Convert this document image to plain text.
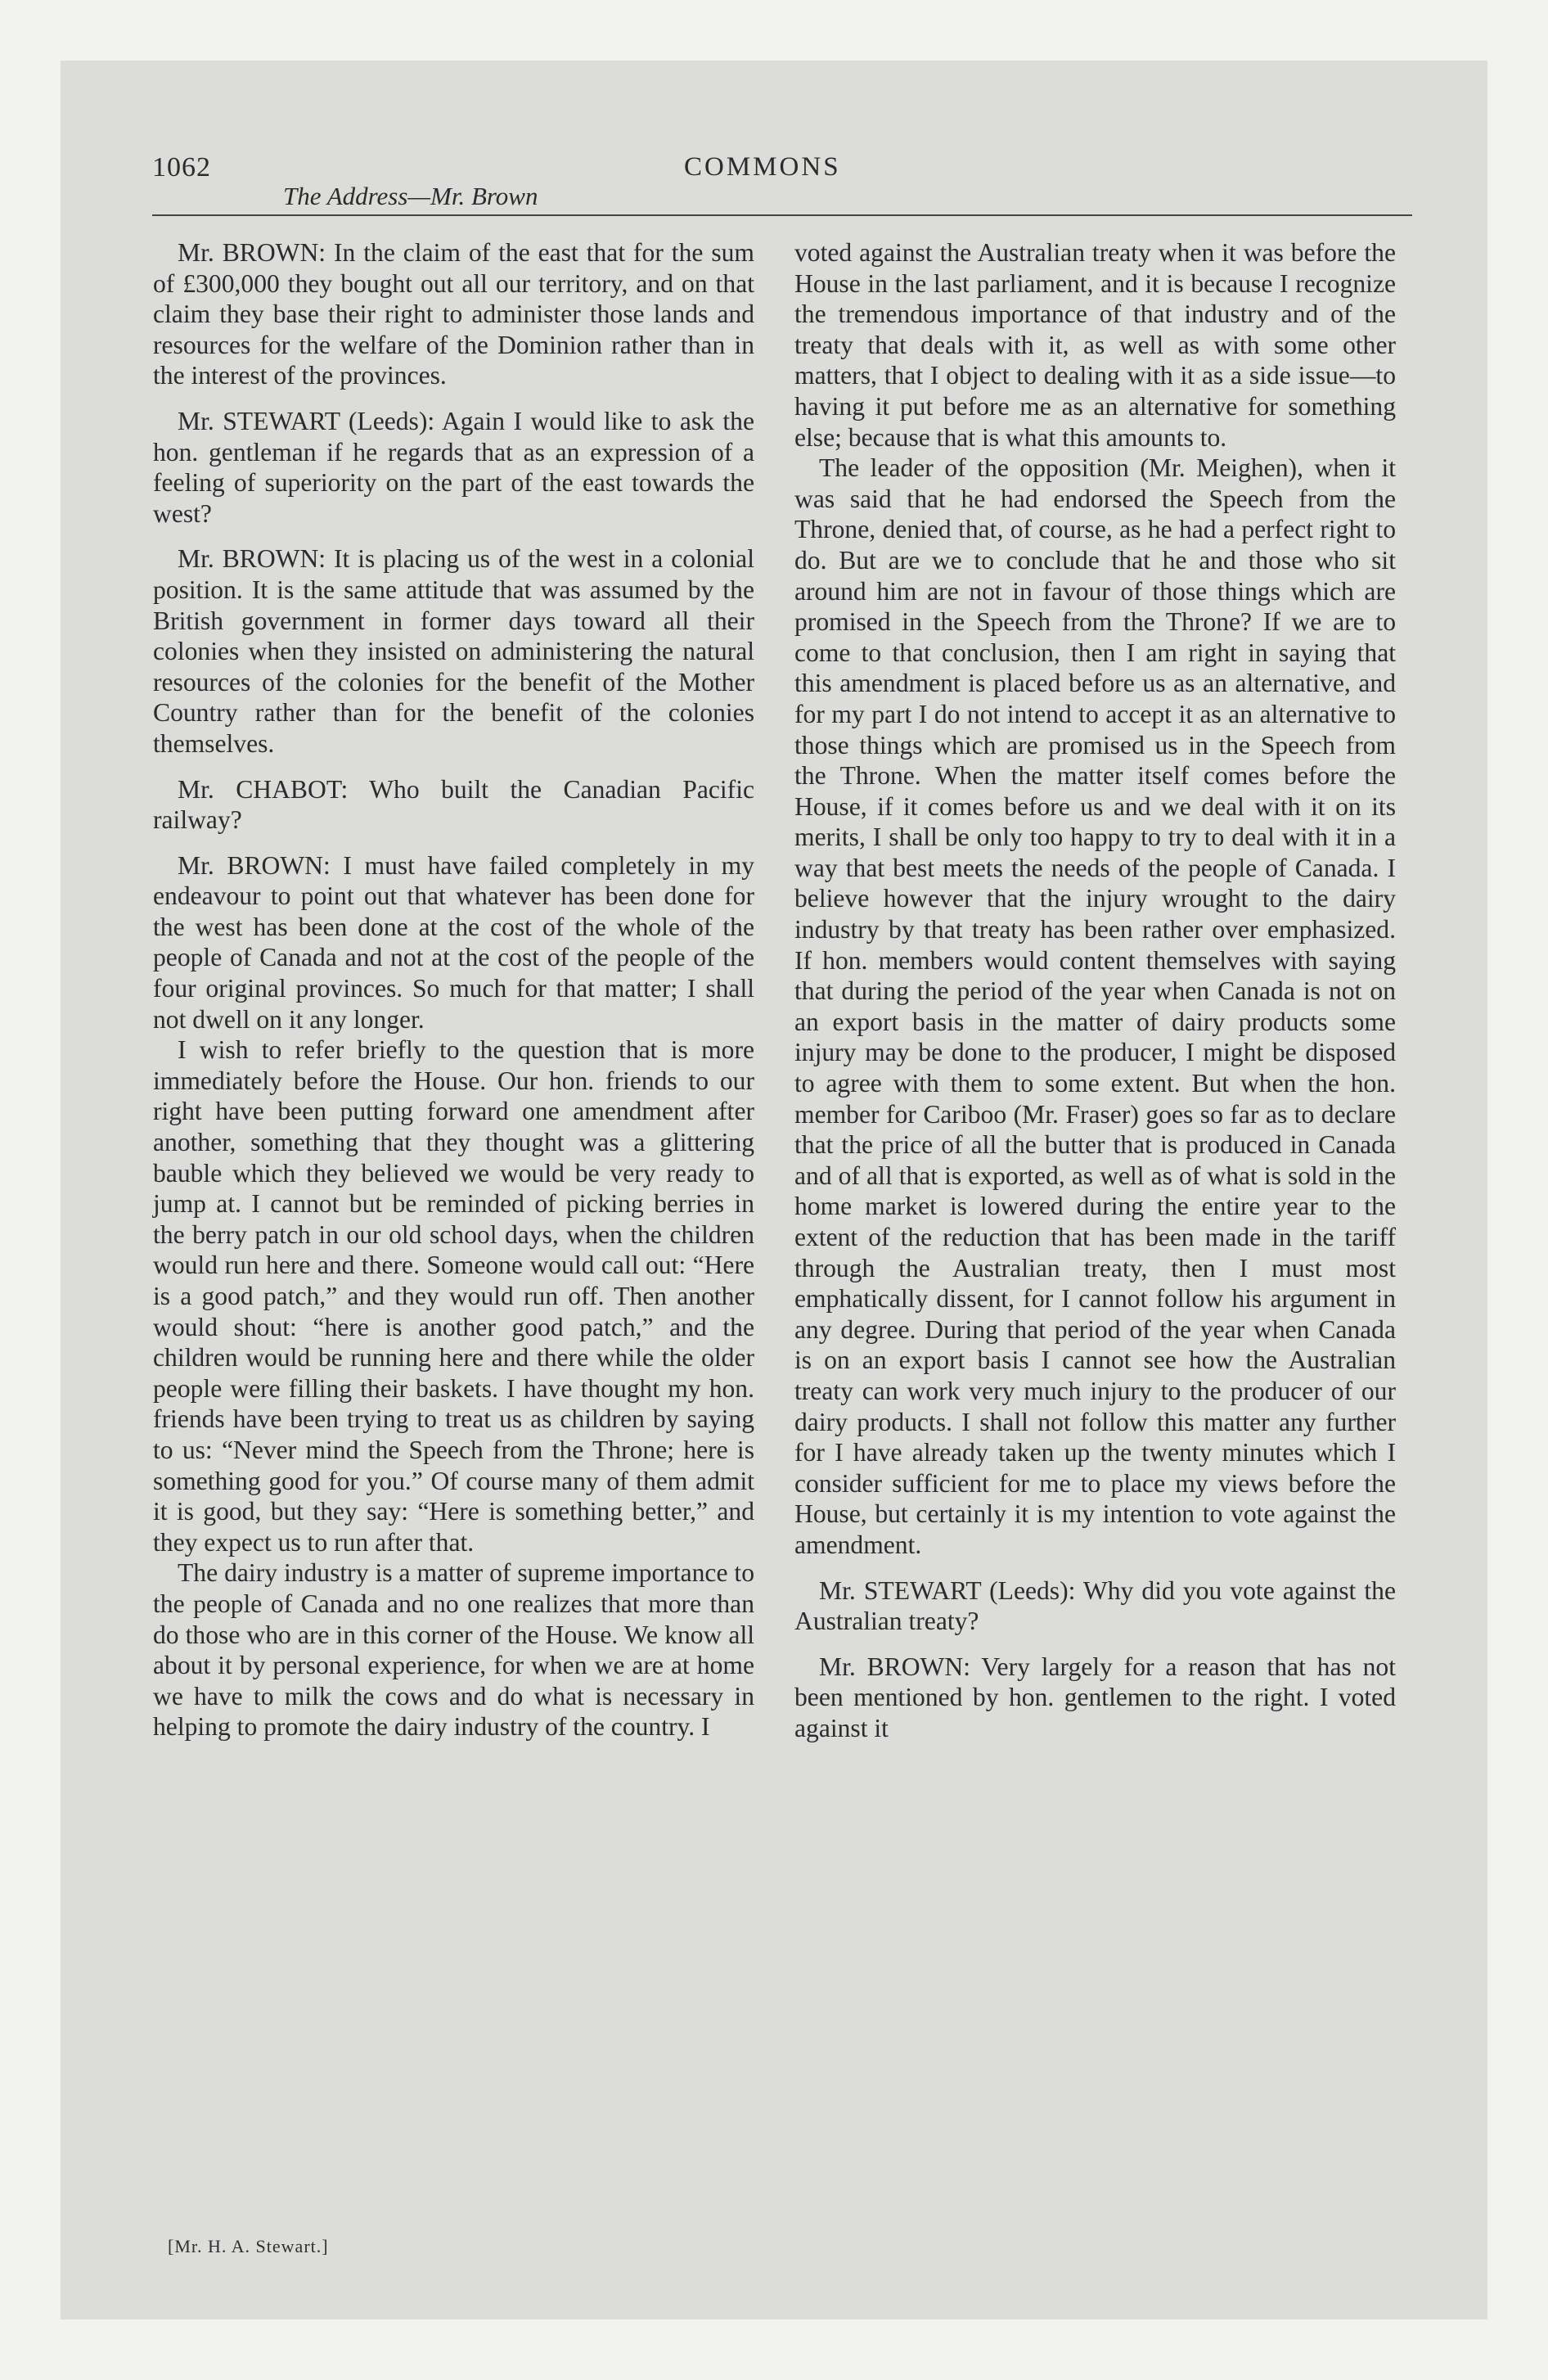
1062	COMMONS
The Address—Mr. Brown

Mr. BROWN: In the claim of the east that for the sum of £300,000 they bought out all our territory, and on that claim they base their right to administer those lands and resources for the welfare of the Dominion rather than in the interest of the provinces.

Mr. STEWART (Leeds): Again I would like to ask the hon. gentleman if he regards that as an expression of a feeling of superiority on the part of the east towards the west?

Mr. BROWN: It is placing us of the west in a colonial position. It is the same attitude that was assumed by the British government in former days toward all their colonies when they insisted on administering the natural resources of the colonies for the benefit of the Mother Country rather than for the benefit of the colonies themselves.

Mr. CHABOT: Who built the Canadian Pacific railway?

Mr. BROWN: I must have failed completely in my endeavour to point out that whatever has been done for the west has been done at the cost of the whole of the people of Canada and not at the cost of the people of the four original provinces. So much for that matter; I shall not dwell on it any longer.

I wish to refer briefly to the question that is more immediately before the House. Our hon. friends to our right have been putting forward one amendment after another, something that they thought was a glittering bauble which they believed we would be very ready to jump at. I cannot but be reminded of picking berries in the berry patch in our old school days, when the children would run here and there. Someone would call out: “Here is a good patch,” and they would run off. Then another would shout: “here is another good patch,” and the children would be running here and there while the older people were filling their baskets. I have thought my hon. friends have been trying to treat us as children by saying to us: “Never mind the Speech from the Throne; here is something good for you.” Of course many of them admit it is good, but they say: “Here is something better,” and they expect us to run after that.

The dairy industry is a matter of supreme importance to the people of Canada and no one realizes that more than do those who are in this corner of the House. We know all about it by personal experience, for when we are at home we have to milk the cows and do what is necessary in helping to promote the dairy industry of the country. I

voted against the Australian treaty when it was before the House in the last parliament, and it is because I recognize the tremendous importance of that industry and of the treaty that deals with it, as well as with some other matters, that I object to dealing with it as a side issue—to having it put before me as an alternative for something else; because that is what this amounts to.

The leader of the opposition (Mr. Meighen), when it was said that he had endorsed the Speech from the Throne, denied that, of course, as he had a perfect right to do. But are we to conclude that he and those who sit around him are not in favour of those things which are promised in the Speech from the Throne? If we are to come to that conclusion, then I am right in saying that this amendment is placed before us as an alternative, and for my part I do not intend to accept it as an alternative to those things which are promised us in the Speech from the Throne. When the matter itself comes before the House, if it comes before us and we deal with it on its merits, I shall be only too happy to try to deal with it in a way that best meets the needs of the people of Canada. I believe however that the injury wrought to the dairy industry by that treaty has been rather over emphasized. If hon. members would content themselves with saying that during the period of the year when Canada is not on an export basis in the matter of dairy products some injury may be done to the producer, I might be disposed to agree with them to some extent. But when the hon. member for Cariboo (Mr. Fraser) goes so far as to declare that the price of all the butter that is produced in Canada and of all that is exported, as well as of what is sold in the home market is lowered during the entire year to the extent of the reduction that has been made in the tariff through the Australian treaty, then I must most emphatically dissent, for I cannot follow his argument in any degree. During that period of the year when Canada is on an export basis I cannot see how the Australian treaty can work very much injury to the producer of our dairy products. I shall not follow this matter any further for I have already taken up the twenty minutes which I consider sufficient for me to place my views before the House, but certainly it is my intention to vote against the amendment.

Mr. STEWART (Leeds): Why did you vote against the Australian treaty?

Mr. BROWN: Very largely for a reason that has not been mentioned by hon. gentlemen to the right. I voted against it

[Mr. H. A. Stewart.]
